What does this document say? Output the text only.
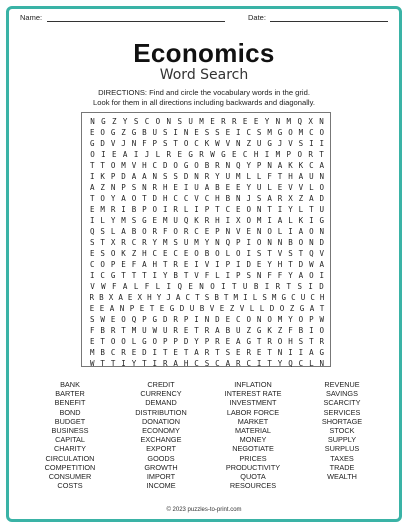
Name:	Date:
Economics
Word Search
DIRECTIONS: Find and circle the vocabulary words in the grid.
Look for them in all directions including backwards and diagonally.
N G Z Y S C O N S U M E R R E E Y N M Q X N
E O G Z G B U S I N E S S E I C S M G O M C O
G D V J N F P S T O C K W V N Z U G J V S I I
O I E A I J L R E G R W G E C H I M P O R T
T T O M V H C D O G O B R N Q Y P N A K K C A
I K P D A A N S S D N R Y U M L L F T H A U N
A Z N P S N R H E I U A B E E Y U L E V V L O
T O Y A O T D H C C V C H B N J S A R X Z A D
E M R I B P O I R L I P T C E O N T I Y L T U
I L Y M S G E M U Q K R H I X O M I A L K I G
Q S L A B O R F O R C E P N V E N O L I A O N
S T X R C R Y M S U M Y N Q P I O N N B O N D
E S O K Z H C E C E O B O L O I S T V S T Q V
C O P E F A H T R E I V I P I D E Y H T D W A
I C G T T T I Y B T V F L I P S N F F Y A O I
V W F A L F L I Q E N O I T U B I R T S I D
R B X A E X H Y J A C T S B T M I L S M G C U C H
E E A N P E T E G D U B V E Z V L L D O Z G A T
S W E O Q P G D R P I N D E C O N O M Y O P W
F B R T M U W U R E T R A B U Z G K Z F B I O
E T O O L G O P P D Y P R E A G T R O H S T R
M B C R E D I T E T A R T S E R E T N I I A G
W T T I Y T I R A H C S C A R C I T Y Q C L N
BANK
BARTER
BENEFIT
BOND
BUDGET
BUSINESS
CAPITAL
CHARITY
CIRCULATION
COMPETITION
CONSUMER
COSTS
CREDIT
CURRENCY
DEMAND
DISTRIBUTION
DONATION
ECONOMY
EXCHANGE
EXPORT
GOODS
GROWTH
IMPORT
INCOME
INFLATION
INTEREST RATE
INVESTMENT
LABOR FORCE
MARKET
MATERIAL
MONEY
NEGOTIATE
PRICES
PRODUCTIVITY
QUOTA
RESOURCES
REVENUE
SAVINGS
SCARCITY
SERVICES
SHORTAGE
STOCK
SUPPLY
SURPLUS
TAXES
TRADE
WEALTH
© 2023 puzzles-to-print.com
